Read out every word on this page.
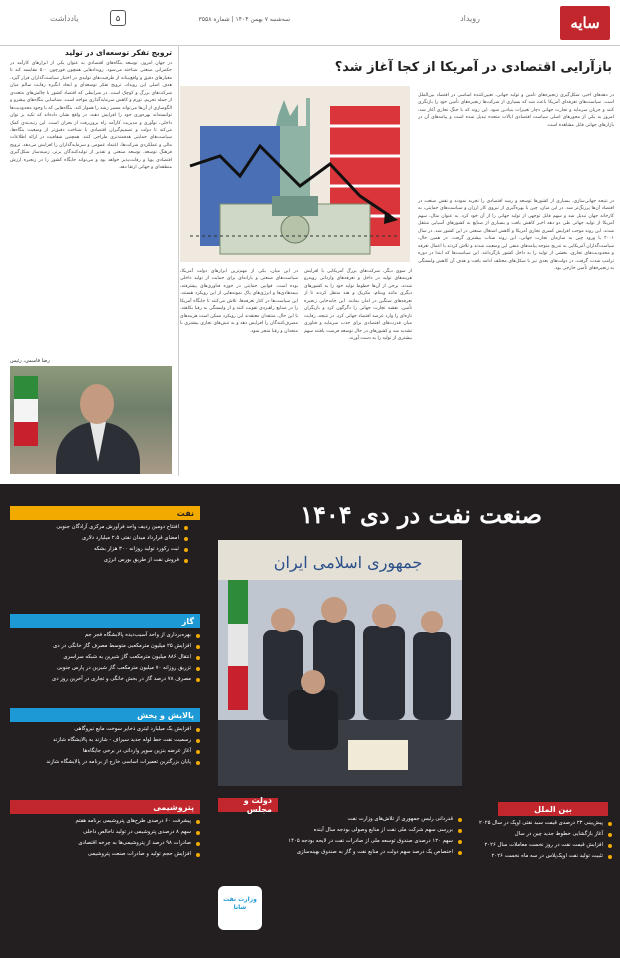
سایه
سه‌شنبه ۷ بهمن ۱۴۰۴ | شماره ۳۵۵۸	رویداد
۵
یادداشت
ترویج تفکر توسعه‌ای در تولید
در جهان امروز، توسعه بنگاه‌های اقتصادی به عنوان یکی از ابزارهای کارآمد در حکمرانی صنعتی شناخته می‌شود. رویداد‌هایی همچون فورچون ۵۰۰ مقایسه کند تا معیارهای دقیق و واقع‌بینانه از ظرفیت‌های تولیدی در اختیار سیاست‌گذاران قرار گیرد. هدف اصلی این رویداد، ترویج تفکر توسعه‌ای و ایجاد انگیزه رقابت سالم میان شرکت‌های بزرگ و کوچک است. در شرایطی که اقتصاد کشور با چالش‌های متعددی از جمله تحریم، تورم و کاهش سرمایه‌گذاری مواجه است، شناسایی بنگاه‌های پیشرو و الگوسازی از آن‌ها می‌تواند مسیر رشد را هموار کند. بنگاه‌هایی که با وجود محدودیت‌ها توانسته‌اند بهره‌وری خود را افزایش دهند، در واقع نشان داده‌اند که تکیه بر توان داخلی، نوآوری و مدیریت کارآمد راه برون‌رفت از بحران است. این رتبه‌بندی کمک می‌کند تا دولت و تصمیم‌گیران اقتصادی با شناخت دقیق‌تر از وضعیت بنگاه‌ها، سیاست‌های حمایتی هدفمندتری طراحی کنند. همچنین شفافیت در ارائه اطلاعات مالی و عملکردی شرکت‌ها، اعتماد عمومی و سرمایه‌گذاران را افزایش می‌دهد. ترویج فرهنگ توسعه، توسعه صنعتی و تقدیر از تولیدکنندگان برتر، زمینه‌ساز شکل‌گیری اقتصادی پویا و رقابت‌پذیر خواهد بود و می‌تواند جایگاه کشور را در زنجیره ارزش منطقه‌ای و جهانی ارتقا دهد.
رضا قاسمی، رئیس
بازآرایی اقتصادی در آمریکا از کجا آغاز شد؟
در دهه‌های اخیر، شکل‌گیری زنجیره‌های تأمین و تولید جهانی، تعیین‌کننده اساسی در اقتصاد بین‌الملل است. سیاست‌های تعرفه‌ای آمریکا باعث شد که بسیاری از شرکت‌ها زنجیره‌های تأمین خود را بازنگری کنند و جریان سرمایه و تجارت جهانی دچار تغییرات بنیادین شود. این روند که با جنگ تجاری آغاز شد، امروز به یکی از محورهای اصلی سیاست اقتصادی ایالات متحده تبدیل شده است و پیامدهای آن در بازارهای جهانی قابل مشاهده است.
در نتیجه جهانی‌سازی، بسیاری از کشورها توسعه و رشد اقتصادی را تجربه نمودند و نقش صنعت در اقتصاد آن‌ها پررنگ‌تر شد. در این میان، چین با بهره‌گیری از نیروی کار ارزان و سیاست‌های حمایتی، به کارخانه جهان تبدیل شد و سهم قابل توجهی از تولید جهانی را از آن خود کرد. به عنوان مثال، سهم آمریکا از تولید جهانی طی دو دهه اخیر کاهش یافت و بسیاری از صنایع به کشورهای آسیایی منتقل شدند. این روند موجب افزایش کسری تجاری آمریکا و کاهش اشتغال صنعتی در این کشور شد. در سال ۲۰۰۱ با ورود چین به سازمان تجارت جهانی، این روند شتاب بیشتری گرفت. در همین حال، سیاست‌گذاران آمریکایی به تدریج متوجه پیامدهای منفی این وضعیت شدند و تلاش کردند با اعمال تعرفه و محدودیت‌های تجاری، بخشی از تولید را به داخل کشور بازگردانند. این سیاست‌ها که ابتدا در دوره ترامپ شدت گرفت، در دولت‌های بعدی نیز با شکل‌های مختلف ادامه یافت و هدف آن کاهش وابستگی به زنجیره‌های تأمین خارجی بود.
از سوی دیگر، شرکت‌های بزرگ آمریکایی با افزایش هزینه‌های تولید در داخل و تعرفه‌های وارداتی روبه‌رو شدند. برخی از آن‌ها خطوط تولید خود را به کشورهای دیگری مانند ویتنام، مکزیک و هند منتقل کردند تا از تعرفه‌های سنگین در امان بمانند. این جابه‌جایی زنجیره تأمین، نقشه تجارت جهانی را دگرگون کرد و بازیگران تازه‌ای را وارد عرصه اقتصاد جهانی کرد. در نتیجه، رقابت میان قدرت‌های اقتصادی برای جذب سرمایه و فناوری تشدید شد و کشورهای در حال توسعه فرصت یافتند سهم بیشتری از تولید را به دست آورند.
در این میان، یکی از مهم‌ترین ابزارهای دولت آمریکا، سیاست‌های صنعتی و یارانه‌ای برای حمایت از تولید داخلی بوده است. قوانین حمایتی در حوزه فناوری‌های پیشرفته، نیمه‌هادی‌ها و انرژی‌های پاک نمونه‌هایی از این رویکرد هستند. این سیاست‌ها در کنار تعرفه‌ها، تلاش می‌کنند تا جایگاه آمریکا را در صنایع راهبردی تقویت کنند و از وابستگی به رقبا بکاهند. با این حال، منتقدان معتقدند این رویکرد ممکن است هزینه‌های مصرف‌کنندگان را افزایش دهد و به تنش‌های تجاری بیشتری با متحدان و رقبا منجر شود.
صنعت نفت در دی ۱۴۰۴
جمهوری اسلامی ایران
نفت
افتتاح دومین ردیف واحد فرآورش مرکزی آزادگان جنوبی
امضای قرارداد میدان نفتی ۲.۵ میلیارد دلاری
ثبت رکورد تولید روزانه ۳۰۰ هزار بشکه
فروش نفت از طریق بورس انرژی
گاز
بهره‌برداری از واحد آسیب‌دیده پالایشگاه فجر جم
افزایش ۲۵ میلیون مترمکعبی متوسط مصرف گاز خانگی در دی
انتقال ۸۸۶ میلیون مترمکعب گاز شیرین به شبکه سراسری
تزریق روزانه ۷۰ میلیون مترمکعب گاز شیرین در پارس جنوبی
مصرف ۷۸ درصد گاز در بخش خانگی و تجاری در آخرین روز دی
پالایش و پخش
افزایش یک میلیارد لیتری ذخایر سوخت مایع نیروگاهی
رسمیت نفت خط لوله جدید سیراف - شازند به پالایشگاه شازند
آغاز عرضه بنزین سوپر وارداتی در برخی جایگاه‌ها
پایان بزرگترین تعمیرات اساسی خارج از برنامه در پالایشگاه شازند
پتروشیمی
پیشرفت ۶۰ درصدی طرح‌های پتروشیمی برنامه هفتم
سهم ۸ درصدی پتروشیمی در تولید ناخالص داخلی
صادرات ۹۸ درصد از پتروشیمی‌ها به چرخه اقتصادی
افزایش حجم تولید و صادرات صنعت پتروشیمی
دولت و مجلس
قدردانی رئیس جمهوری از تلاش‌های وزارت نفت
بررسی سهم شرکت ملی نفت از منابع وصولی بودجه سال آینده
سهم ۱۲۰ درصدی صندوق توسعه ملی از صادرات نفت در لایحه بودجه ۱۴۰۵
اختصاص یک درصد سهم دولت در منابع نفت و گاز به صندوق بهینه‌سازی
بین الملل
پیش‌بینی ۲۳ درصدی قیمت سبد نفتی اوپک در سال ۲۰۲۵
آغاز بازگشایی خطوط جدید چین در سال
افزایش قیمت نفت در روز نخست معاملات سال ۲۰۲۶
تثبیت تولید نفت اوپک‌پلاس در سه ماه نخست ۲۰۲۶
وزارت نفت شانا
